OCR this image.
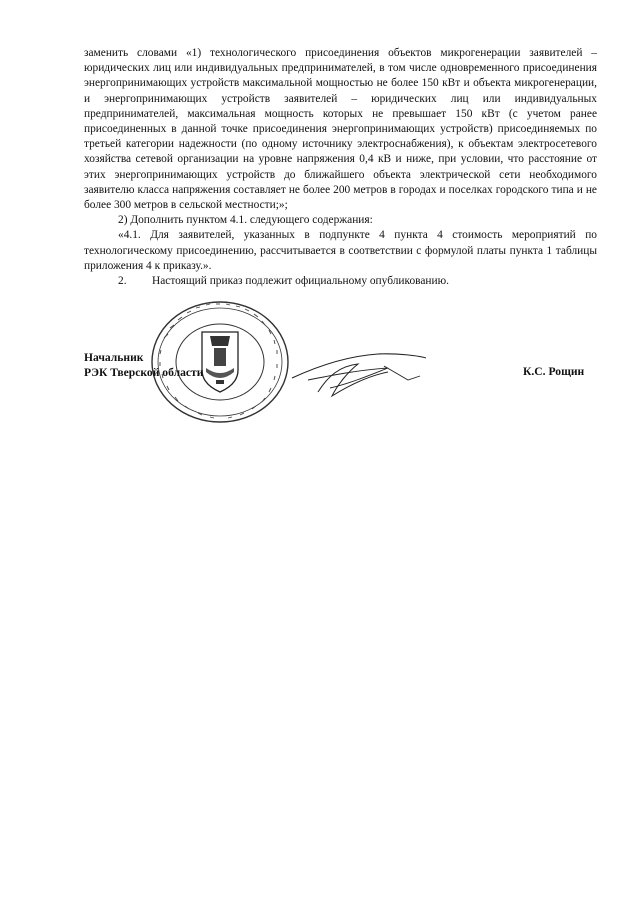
заменить словами «1) технологического присоединения объектов микрогенерации заявителей – юридических лиц или индивидуальных предпринимателей, в том числе одновременного присоединения энергопринимающих устройств максимальной мощностью не более 150 кВт и объекта микрогенерации, и энергопринимающих устройств заявителей – юридических лиц или индивидуальных предпринимателей, максимальная мощность которых не превышает 150 кВт (с учетом ранее присоединенных в данной точке присоединения энергопринимающих устройств) присоединяемых по третьей категории надежности (по одному источнику электроснабжения), к объектам электросетевого хозяйства сетевой организации на уровне напряжения 0,4 кВ и ниже, при условии, что расстояние от этих энергопринимающих устройств до ближайшего объекта электрической сети необходимого заявителю класса напряжения составляет не более 200 метров в городах и поселках городского типа и не более 300 метров в сельской местности;»;

2) Дополнить пунктом 4.1. следующего содержания:

«4.1. Для заявителей, указанных в подпункте 4 пункта 4 стоимость мероприятий по технологическому присоединению, рассчитывается в соответствии с формулой платы пункта 1 таблицы приложения 4 к приказу.».

2.	Настоящий приказ подлежит официальному опубликованию.

Начальник
РЭК Тверской области	К.С. Рощин
